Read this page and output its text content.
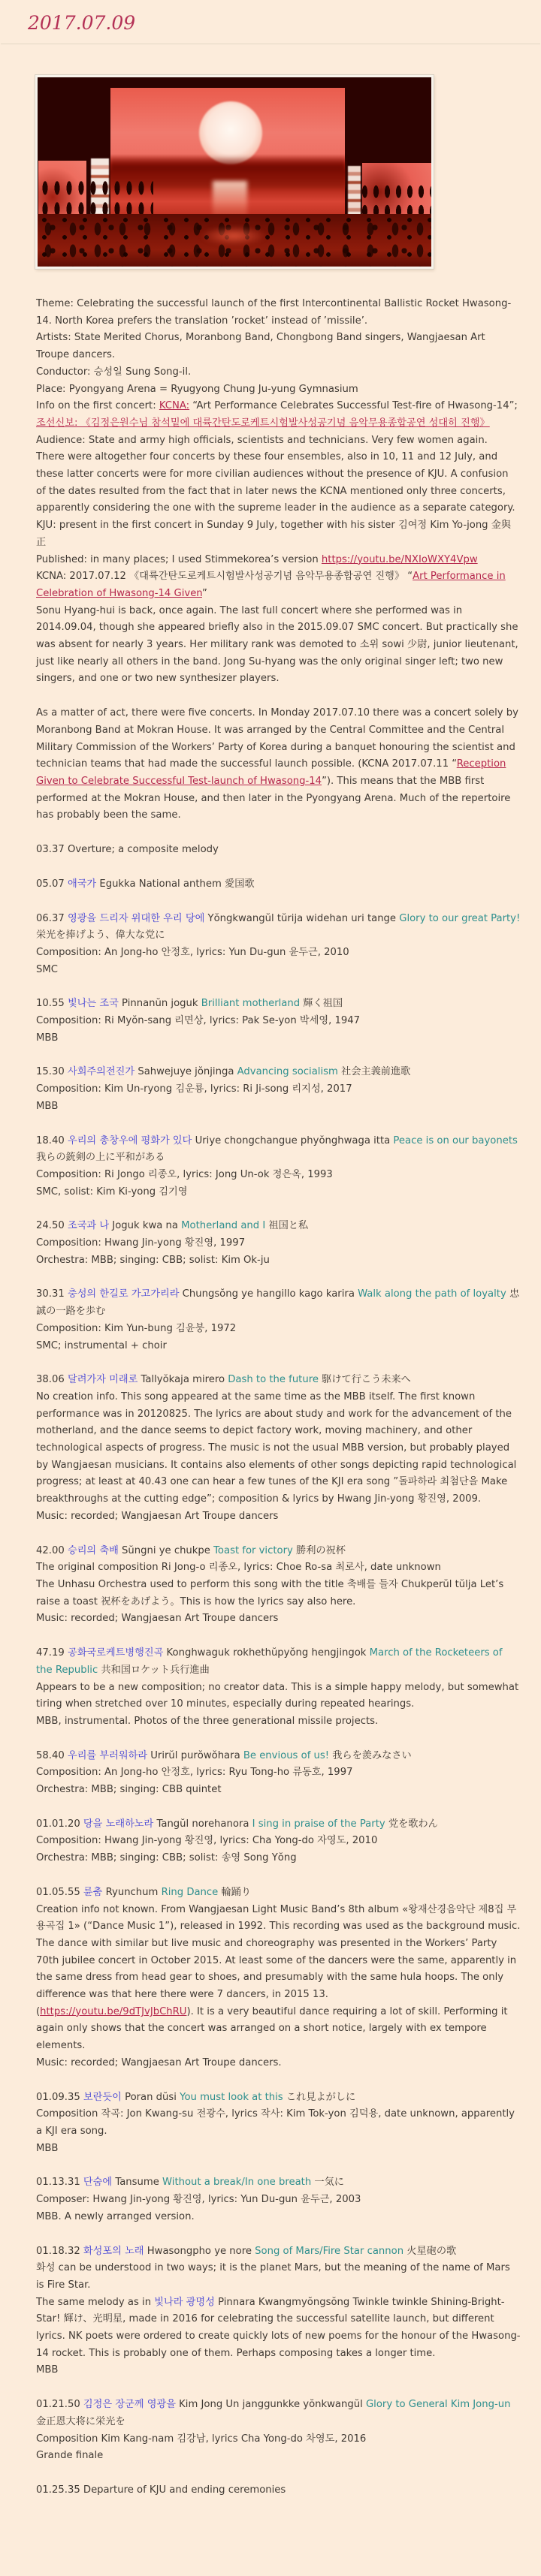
2017.07.09

Theme: Celebrating the successful launch of the first Intercontinental Ballistic Rocket Hwasong-14. North Korea prefers the translation ’rocket’ instead of ’missile’.

Artists: State Merited Chorus, Moranbong Band, Chongbong Band singers, Wangjaesan Art Troupe dancers.

Conductor: 승성일 Sung Song-il.

Place: Pyongyang Arena = Ryugyong Chung Ju-yung Gymnasium

Info on the first concert: KCNA: “Art Performance Celebrates Successful Test-fire of Hwasong-14”; 조선신보: 《김정은원수님 참석밑에 대륙간탄도로케트시험발사성공기념 음악무용종합공연 성대히 진행》

Audience: State and army high officials, scientists and technicians. Very few women again.

There were altogether four concerts by these four ensembles, also in 10, 11 and 12 July, and these latter concerts were for more civilian audiences without the presence of KJU. A confusion of the dates resulted from the fact that in later news the KCNA mentioned only three concerts, apparently considering the one with the supreme leader in the audience as a separate category.

KJU: present in the first concert in Sunday 9 July, together with his sister 김여정 Kim Yo-jong 金與正

Published: in many places; I used Stimmekorea’s version https://youtu.be/NXIoWXY4Vpw

KCNA: 2017.07.12 《대륙간탄도로케트시험발사성공기념 음악무용종합공연 진행》 “Art Performance in Celebration of Hwasong-14 Given”

Sonu Hyang-hui is back, once again. The last full concert where she performed was in 2014.09.04, though she appeared briefly also in the 2015.09.07 SMC concert. But practically she was absent for nearly 3 years. Her military rank was demoted to 소위 sowi 少尉, junior lieutenant, just like nearly all others in the band. Jong Su-hyang was the only original singer left; two new singers, and one or two new synthesizer players.

As a matter of act, there were five concerts. In Monday 2017.07.10 there was a concert solely by Moranbong Band at Mokran House. It was arranged by the Central Committee and the Central Military Commission of the Workers’ Party of Korea during a banquet honouring the scientist and technician teams that had made the successful launch possible. (KCNA 2017.07.11 “Reception Given to Celebrate Successful Test-launch of Hwasong-14”). This means that the MBB first performed at the Mokran House, and then later in the Pyongyang Arena. Much of the repertoire has probably been the same.

03.37 Overture; a composite melody

05.07 애국가 Egukka National anthem 愛国歌

06.37 영광을 드리자 위대한 우리 당에 Yŏngkwangŭl tŭrija widehan uri tange Glory to our great Party! 栄光を捧げよう、偉大な党に

Composition: An Jong-ho 안정호, lyrics: Yun Du-gun 윤두근, 2010

SMC

10.55 빛나는 조국 Pinnanŭn joguk Brilliant motherland 輝く祖国

Composition: Ri Myŏn-sang 리면상, lyrics: Pak Se-yon 박세영, 1947

MBB

15.30 사회주의전진가 Sahwejuye jŏnjinga Advancing socialism 社会主義前進歌

Composition: Kim Un-ryong 김운룡, lyrics: Ri Ji-song 리지성, 2017

MBB

18.40 우리의 총창우에 평화가 있다 Uriye chongchangue phyŏnghwaga itta Peace is on our bayonets 我らの銃剣の上に平和がある

Composition: Ri Jongo 리종오, lyrics: Jong Un-ok 정은옥, 1993

SMC, solist: Kim Ki-yong 김기영

24.50 조국과 나 Joguk kwa na Motherland and I 祖国と私

Composition: Hwang Jin-yong 황진영, 1997

Orchestra: MBB; singing: CBB; solist: Kim Ok-ju

30.31 충성의 한길로 가고가리라 Chungsŏng ye hangillo kago karira Walk along the path of loyalty 忠誠の一路を歩む

Composition: Kim Yun-bung 김윤붕, 1972

SMC; instrumental + choir

38.06 달려가자 미래로 Tallyŏkaja mirero Dash to the future 駆けて行こう未来へ

No creation info. This song appeared at the same time as the MBB itself. The first known performance was in 20120825. The lyrics are about study and work for the advancement of the motherland, and the dance seems to depict factory work, moving machinery, and other technological aspects of progress. The music is not the usual MBB version, but probably played by Wangjaesan musicians. It contains also elements of other songs depicting rapid technological progress; at least at 40.43 one can hear a few tunes of the KJI era song ”돌파하라 최첨단을 Make breakthroughs at the cutting edge”; composition & lyrics by Hwang Jin-yong 황진영, 2009.

Music: recorded; Wangjaesan Art Troupe dancers

42.00 승리의 축배 Sŭngni ye chukpe Toast for victory 勝利の祝杯

The original composition Ri Jong-o 리종오, lyrics: Choe Ro-sa 최로사, date unknown

The Unhasu Orchestra used to perform this song with the title 축배를 들자 Chukperŭl tŭlja Let’s raise a toast 祝杯をあげよう。This is how the lyrics say also here.

Music: recorded; Wangjaesan Art Troupe dancers

47.19 공화국로케트병행진곡 Konghwaguk rokhethŭpyŏng hengjingok March of the Rocketeers of the Republic 共和国ロケット兵行進曲

Appears to be a new composition; no creator data. This is a simple happy melody, but somewhat tiring when stretched over 10 minutes, especially during repeated hearings.

MBB, instrumental. Photos of the three generational missile projects.

58.40 우리를 부러워하라 Urirŭl purŏwŏhara Be envious of us! 我らを羨みなさい

Composition: An Jong-ho 안정호, lyrics: Ryu Tong-ho 류동호, 1997

Orchestra: MBB; singing: CBB quintet

01.01.20 당을 노래하노라 Tangŭl norehanora I sing in praise of the Party 党を歌わん

Composition: Hwang Jin-yong 황진영, lyrics: Cha Yong-do 자영도, 2010

Orchestra: MBB; singing: CBB; solist: 송영 Song Yŏng

01.05.55 륜춤 Ryunchum Ring Dance 輪踊り

Creation info not known. From Wangjaesan Light Music Band’s 8th album «왕재산경음악단 제8집 무용곡집 1» (“Dance Music 1”), released in 1992. This recording was used as the background music. The dance with similar but live music and choreography was presented in the Workers’ Party 70th jubilee concert in October 2015. At least some of the dancers were the same, apparently in the same dress from head gear to shoes, and presumably with the same hula hoops. The only difference was that here there were 7 dancers, in 2015 13.

(https://youtu.be/9dTJvJbChRU). It is a very beautiful dance requiring a lot of skill. Performing it again only shows that the concert was arranged on a short notice, largely with ex tempore elements.

Music: recorded; Wangjaesan Art Troupe dancers.

01.09.35 보란듯이 Poran dŭsi You must look at this これ見よがしに

Composition 작곡: Jon Kwang-su 전광수, lyrics 작사: Kim Tok-yon 김덕용, date unknown, apparently a KJI era song.

MBB

01.13.31 단숨에 Tansume Without a break/In one breath 一気に

Composer: Hwang Jin-yong 황진영, lyrics: Yun Du-gun 윤두근, 2003

MBB. A newly arranged version.

01.18.32 화성포의 노래 Hwasongpho ye nore Song of Mars/Fire Star cannon 火星砲の歌

화성 can be understood in two ways; it is the planet Mars, but the meaning of the name of Mars is Fire Star.

The same melody as in 빛나라 광명성 Pinnara Kwangmyŏngsŏng Twinkle twinkle Shining-Bright-Star! 輝け、光明星, made in 2016 for celebrating the successful satellite launch, but different lyrics. NK poets were ordered to create quickly lots of new poems for the honour of the Hwasong-14 rocket. This is probably one of them. Perhaps composing takes a longer time.

MBB

01.21.50 김정은 장군께 영광을 Kim Jong Un janggunkke yŏnkwangŭl Glory to General Kim Jong-un 金正恩大将に栄光を

Composition Kim Kang-nam 김강남, lyrics Cha Yong-do 차영도, 2016

Grande finale

01.25.35 Departure of KJU and ending ceremonies
